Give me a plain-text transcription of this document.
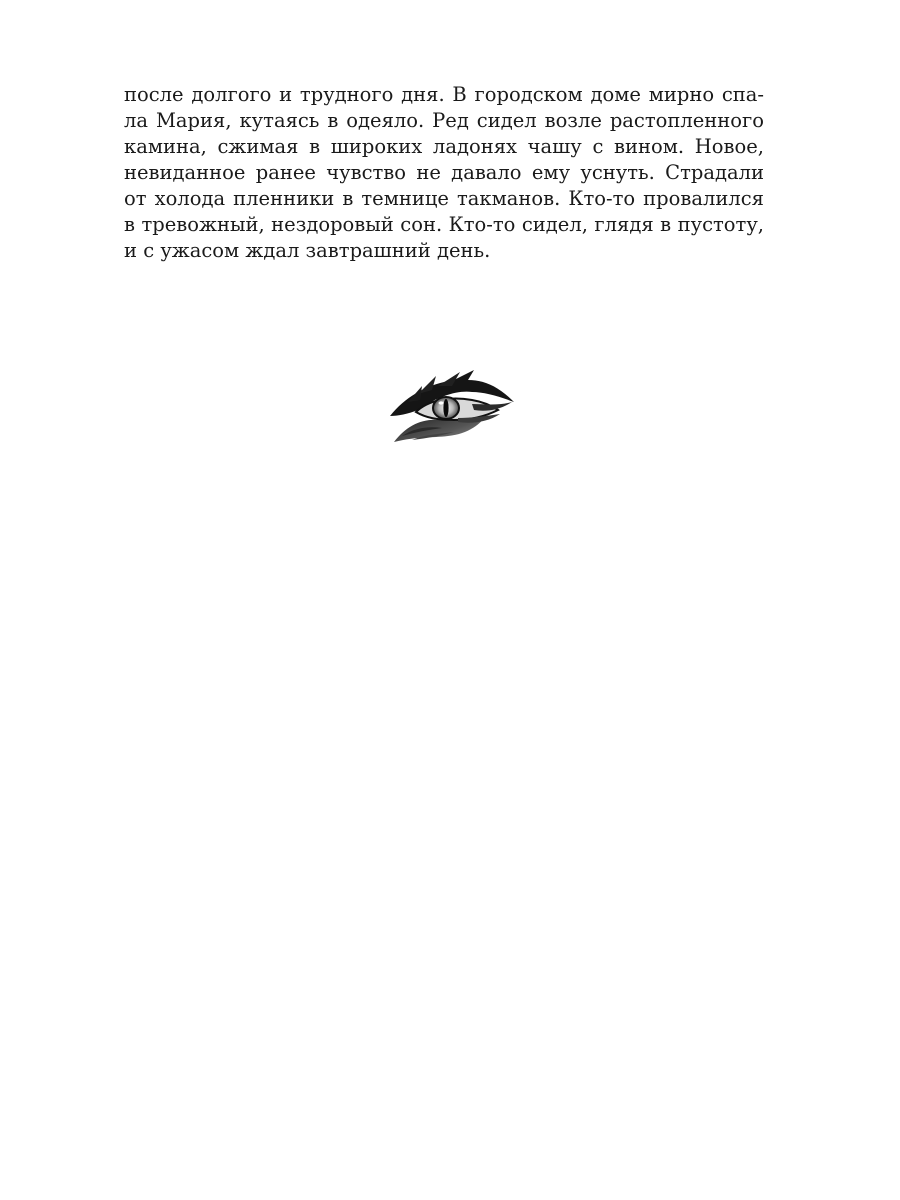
после долгого и трудного дня. В городском доме мирно спа-
ла Мария, кутаясь в одеяло. Ред сидел возле растопленного
камина, сжимая в широких ладонях чашу с вином. Новое,
невиданное ранее чувство не давало ему уснуть. Страдали
от холода пленники в темнице такманов. Кто-то провалился
в тревожный, нездоровый сон. Кто-то сидел, глядя в пустоту,
и с ужасом ждал завтрашний день.
